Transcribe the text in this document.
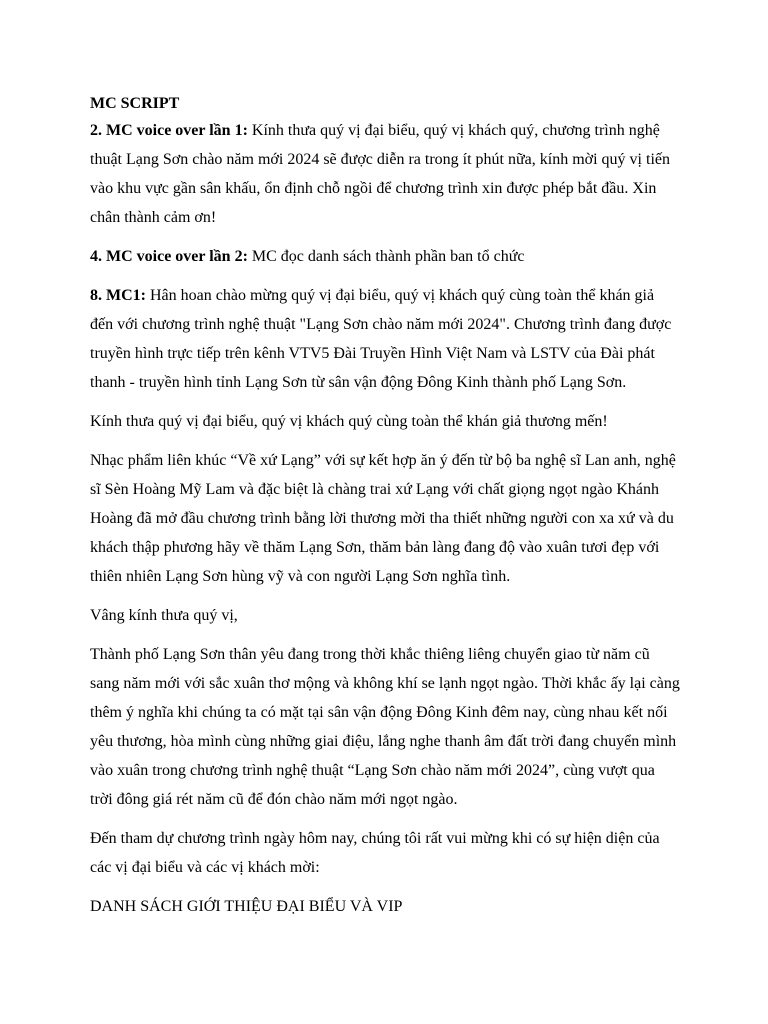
MC SCRIPT

2. MC voice over lần 1: Kính thưa quý vị đại biểu, quý vị khách quý, chương trình nghệ thuật Lạng Sơn chào năm mới 2024 sẽ được diễn ra trong ít phút nữa, kính mời quý vị tiến vào khu vực gần sân khấu, ổn định chỗ ngồi để chương trình xin được phép bắt đầu. Xin chân thành cảm ơn!

4. MC voice over lần 2: MC đọc danh sách thành phần ban tổ chức

8. MC1: Hân hoan chào mừng quý vị đại biểu, quý vị khách quý cùng toàn thể khán giả đến với chương trình nghệ thuật "Lạng Sơn chào năm mới 2024". Chương trình đang được truyền hình trực tiếp trên kênh VTV5 Đài Truyền Hình Việt Nam và LSTV của Đài phát thanh - truyền hình tỉnh Lạng Sơn từ sân vận động Đông Kinh thành phố Lạng Sơn.

Kính thưa quý vị đại biểu, quý vị khách quý cùng toàn thể khán giả thương mến!

Nhạc phẩm liên khúc “Về xứ Lạng” với sự kết hợp ăn ý đến từ bộ ba nghệ sĩ Lan anh, nghệ sĩ Sèn Hoàng Mỹ Lam và đặc biệt là chàng trai xứ Lạng với chất giọng ngọt ngào Khánh Hoàng đã mở đầu chương trình bằng lời thương mời tha thiết những người con xa xứ và du khách thập phương hãy về thăm Lạng Sơn, thăm bản làng đang độ vào xuân tươi đẹp với thiên nhiên Lạng Sơn hùng vỹ và con người Lạng Sơn nghĩa tình.

Vâng kính thưa quý vị,

Thành phố Lạng Sơn thân yêu đang trong thời khắc thiêng liêng chuyển giao từ năm cũ sang năm mới với sắc xuân thơ mộng và không khí se lạnh ngọt ngào. Thời khắc ấy lại càng thêm ý nghĩa khi chúng ta có mặt tại sân vận động Đông Kinh đêm nay, cùng nhau kết nối yêu thương, hòa mình cùng những giai điệu, lắng nghe thanh âm đất trời đang chuyển mình vào xuân trong chương trình nghệ thuật “Lạng Sơn chào năm mới 2024”, cùng vượt qua trời đông giá rét năm cũ để đón chào năm mới ngọt ngào.

Đến tham dự chương trình ngày hôm nay, chúng tôi rất vui mừng khi có sự hiện diện của các vị đại biểu và các vị khách mời:

DANH SÁCH GIỚI THIỆU ĐẠI BIỂU VÀ VIP
